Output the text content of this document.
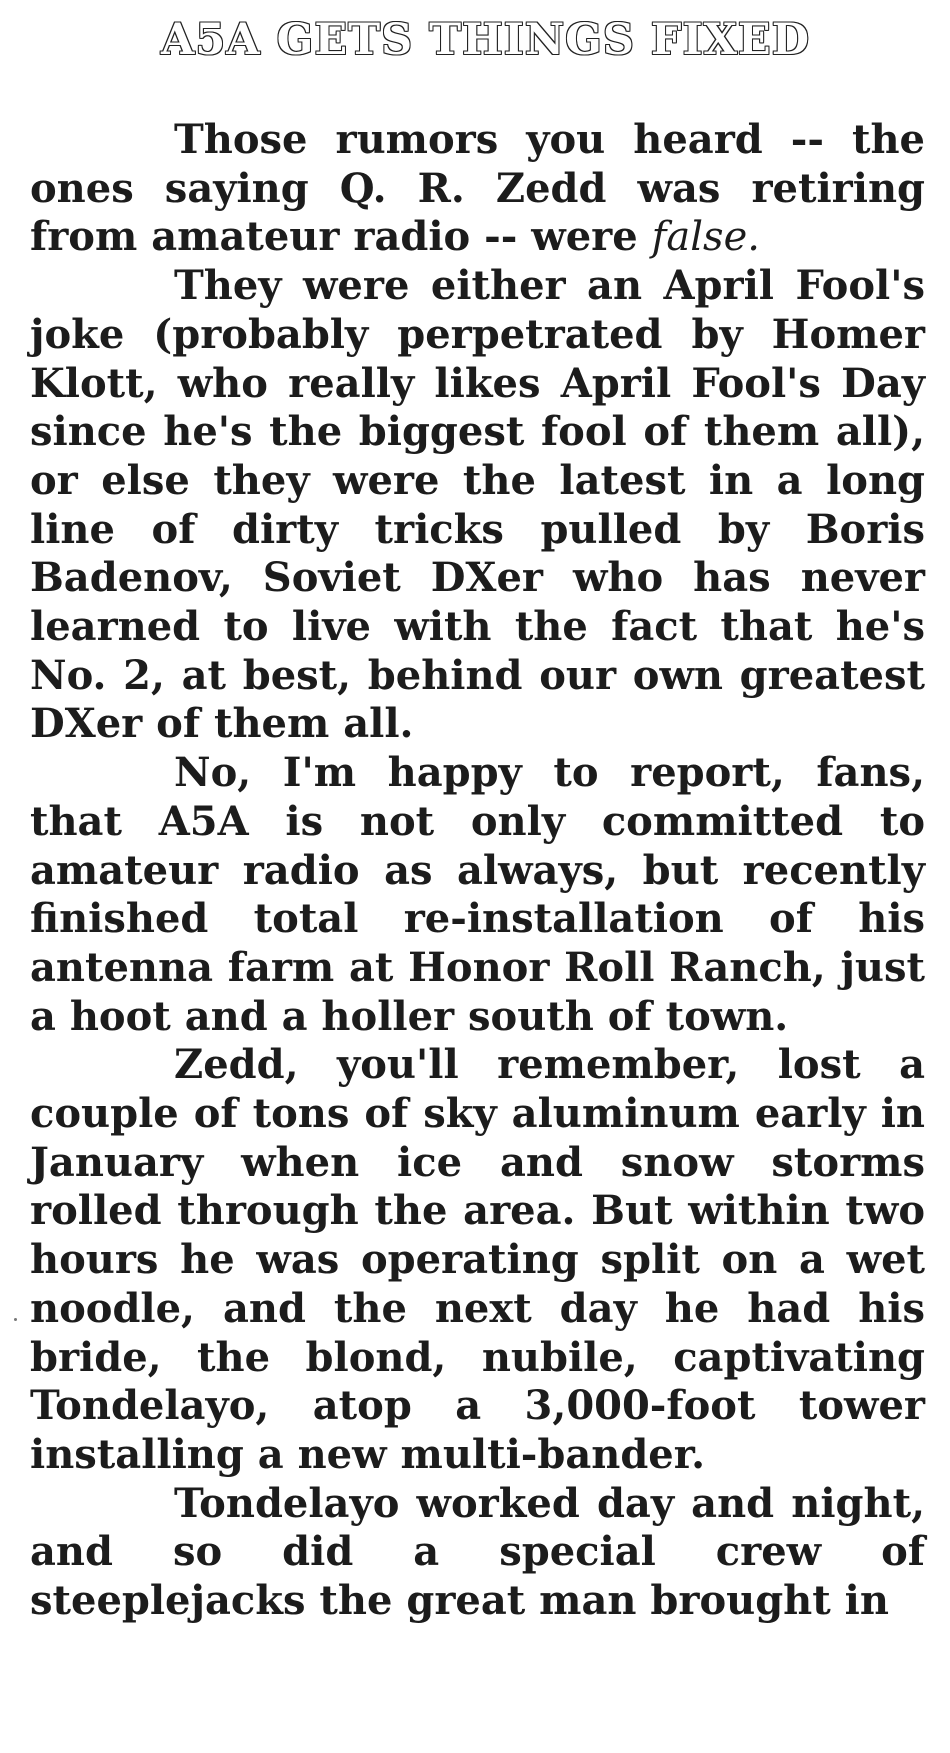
A5A GETS THINGS FIXED

Those rumors you heard -- the ones saying Q. R. Zedd was retiring from amateur radio -- were false.

They were either an April Fool's joke (probably perpetrated by Homer Klott, who really likes April Fool's Day since he's the biggest fool of them all), or else they were the latest in a long line of dirty tricks pulled by Boris Badenov, Soviet DXer who has never learned to live with the fact that he's No. 2, at best, behind our own greatest DXer of them all.

No, I'm happy to report, fans, that A5A is not only committed to amateur radio as always, but recently finished total re-installation of his antenna farm at Honor Roll Ranch, just a hoot and a holler south of town.

Zedd, you'll remember, lost a couple of tons of sky aluminum early in January when ice and snow storms rolled through the area. But within two hours he was operating split on a wet noodle, and the next day he had his bride, the blond, nubile, captivating Tondelayo, atop a 3,000-foot tower installing a new multi-bander.

Tondelayo worked day and night, and so did a special crew of steeplejacks the great man brought in
